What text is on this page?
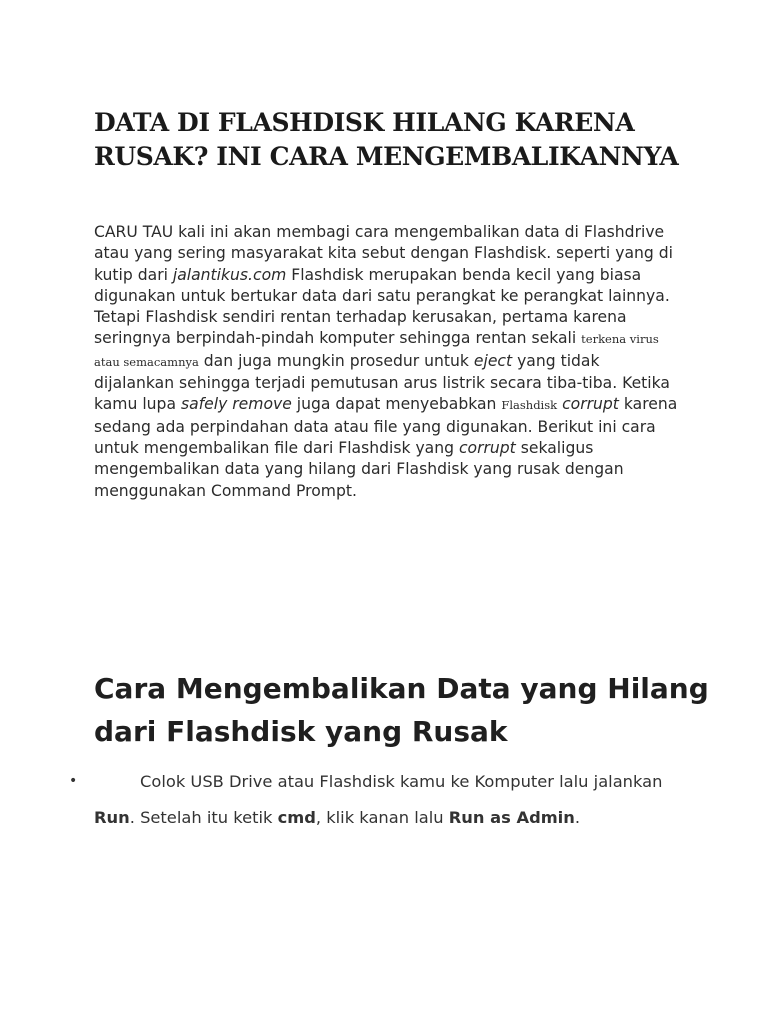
DATA DI FLASHDISK HILANG KARENA RUSAK? INI CARA MENGEMBALIKANNYA

CARU TAU kali ini akan membagi cara mengembalikan data di Flashdrive atau yang sering masyarakat kita sebut dengan Flashdisk. seperti yang di kutip dari jalantikus.com Flashdisk merupakan benda kecil yang biasa digunakan untuk bertukar data dari satu perangkat ke perangkat lainnya. Tetapi Flashdisk sendiri rentan terhadap kerusakan, pertama karena seringnya berpindah-pindah komputer sehingga rentan sekali terkena virus atau semacamnya dan juga mungkin prosedur untuk eject yang tidak dijalankan sehingga terjadi pemutusan arus listrik secara tiba-tiba. Ketika kamu lupa safely remove juga dapat menyebabkan Flashdisk corrupt karena sedang ada perpindahan data atau file yang digunakan. Berikut ini cara untuk mengembalikan file dari Flashdisk yang corrupt sekaligus mengembalikan data yang hilang dari Flashdisk yang rusak dengan menggunakan Command Prompt.

Cara Mengembalikan Data yang Hilang dari Flashdisk yang Rusak
•	Colok USB Drive atau Flashdisk kamu ke Komputer lalu jalankan Run. Setelah itu ketik cmd, klik kanan lalu Run as Admin.
